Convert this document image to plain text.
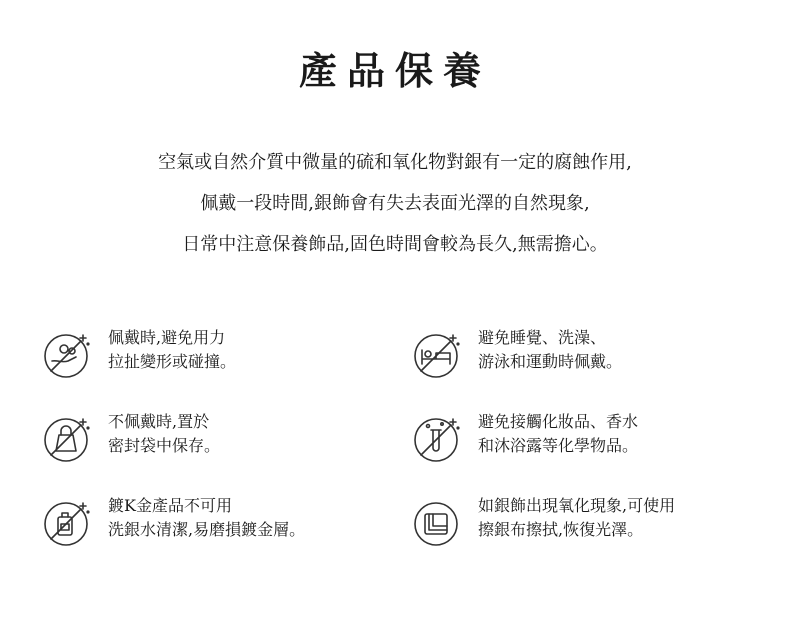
產品保養

空氣或自然介質中微量的硫和氧化物對銀有一定的腐蝕作用,

佩戴一段時間,銀飾會有失去表面光澤的自然現象,

日常中注意保養飾品,固色時間會較為長久,無需擔心。

佩戴時,避免用力
拉扯變形或碰撞。
避免睡覺、洗澡、
游泳和運動時佩戴。
不佩戴時,置於
密封袋中保存。
避免接觸化妝品、香水
和沐浴露等化學物品。
鍍K金產品不可用
洗銀水清潔,易磨損鍍金層。
如銀飾出現氧化現象,可使用
擦銀布擦拭,恢復光澤。
